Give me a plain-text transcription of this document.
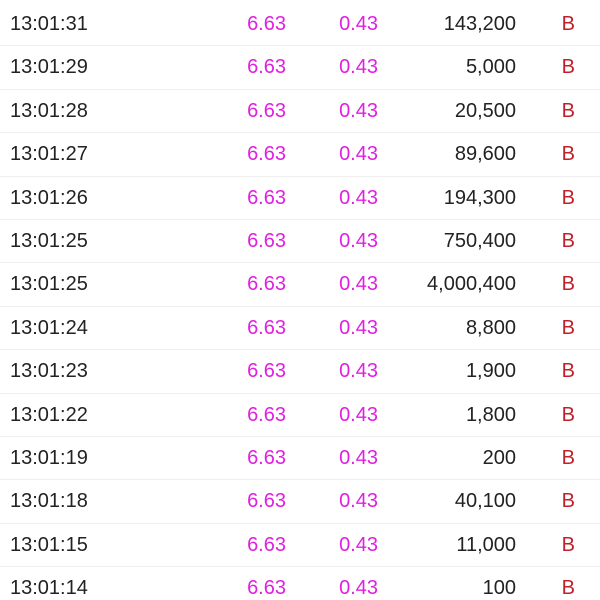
13:01:31	6.63	0.43	143,200 B
13:01:29	6.63	0.43	5,000 B
13:01:28	6.63	0.43	20,500 B
13:01:27	6.63	0.43	89,600 B
13:01:26	6.63	0.43	194,300 B
13:01:25	6.63	0.43	750,400 B
13:01:25	6.63	0.43 4,000,400 B
13:01:24	6.63	0.43	8,800 B
13:01:23	6.63	0.43	1,900 B
13:01:22	6.63	0.43	1,800 B
13:01:19	6.63	0.43	200 B
13:01:18	6.63	0.43	40,100 B
13:01:15	6.63	0.43	11,000 B
13:01:14	6.63	0.43	100 B
